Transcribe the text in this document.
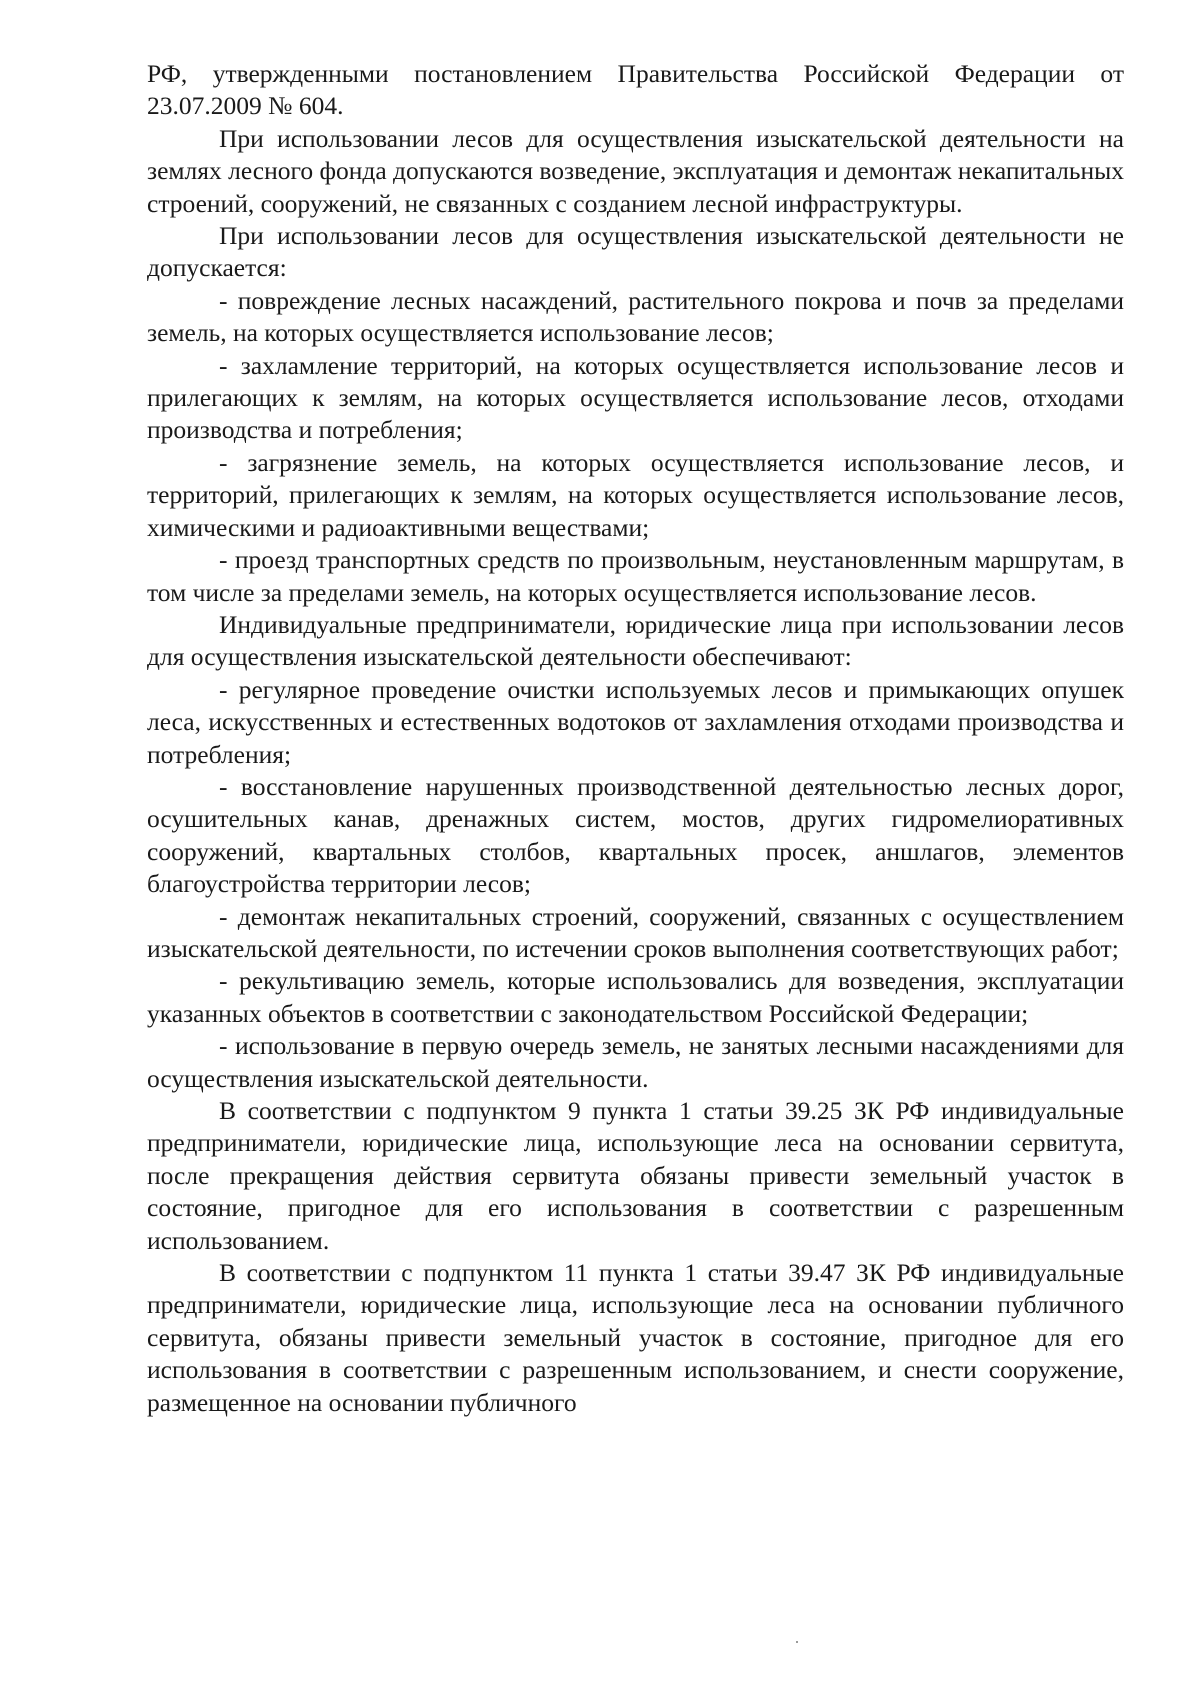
РФ, утвержденными постановлением Правительства Российской Федерации от 23.07.2009 № 604.

При использовании лесов для осуществления изыскательской деятельности на землях лесного фонда допускаются возведение, эксплуатация и демонтаж некапитальных строений, сооружений, не связанных с созданием лесной инфраструктуры.

При использовании лесов для осуществления изыскательской деятельности не допускается:

- повреждение лесных насаждений, растительного покрова и почв за пределами земель, на которых осуществляется использование лесов;

- захламление территорий, на которых осуществляется использование лесов и прилегающих к землям, на которых осуществляется использование лесов, отходами производства и потребления;

- загрязнение земель, на которых осуществляется использование лесов, и территорий, прилегающих к землям, на которых осуществляется использование лесов, химическими и радиоактивными веществами;

- проезд транспортных средств по произвольным, неустановленным маршрутам, в том числе за пределами земель, на которых осуществляется использование лесов.

Индивидуальные предприниматели, юридические лица при использовании лесов для осуществления изыскательской деятельности обеспечивают:

- регулярное проведение очистки используемых лесов и примыкающих опушек леса, искусственных и естественных водотоков от захламления отходами производства и потребления;

- восстановление нарушенных производственной деятельностью лесных дорог, осушительных канав, дренажных систем, мостов, других гидромелиоративных сооружений, квартальных столбов, квартальных просек, аншлагов, элементов благоустройства территории лесов;

- демонтаж некапитальных строений, сооружений, связанных с осуществлением изыскательской деятельности, по истечении сроков выполнения соответствующих работ;

- рекультивацию земель, которые использовались для возведения, эксплуатации указанных объектов в соответствии с законодательством Российской Федерации;

- использование в первую очередь земель, не занятых лесными насаждениями для осуществления изыскательской деятельности.

В соответствии с подпунктом 9 пункта 1 статьи 39.25 ЗК РФ индивидуальные предприниматели, юридические лица, использующие леса на основании сервитута, после прекращения действия сервитута обязаны привести земельный участок в состояние, пригодное для его использования в соответствии с разрешенным использованием.

В соответствии с подпунктом 11 пункта 1 статьи 39.47 ЗК РФ индивидуальные предприниматели, юридические лица, использующие леса на основании публичного сервитута, обязаны привести земельный участок в состояние, пригодное для его использования в соответствии с разрешенным использованием, и снести сооружение, размещенное на основании публичного
